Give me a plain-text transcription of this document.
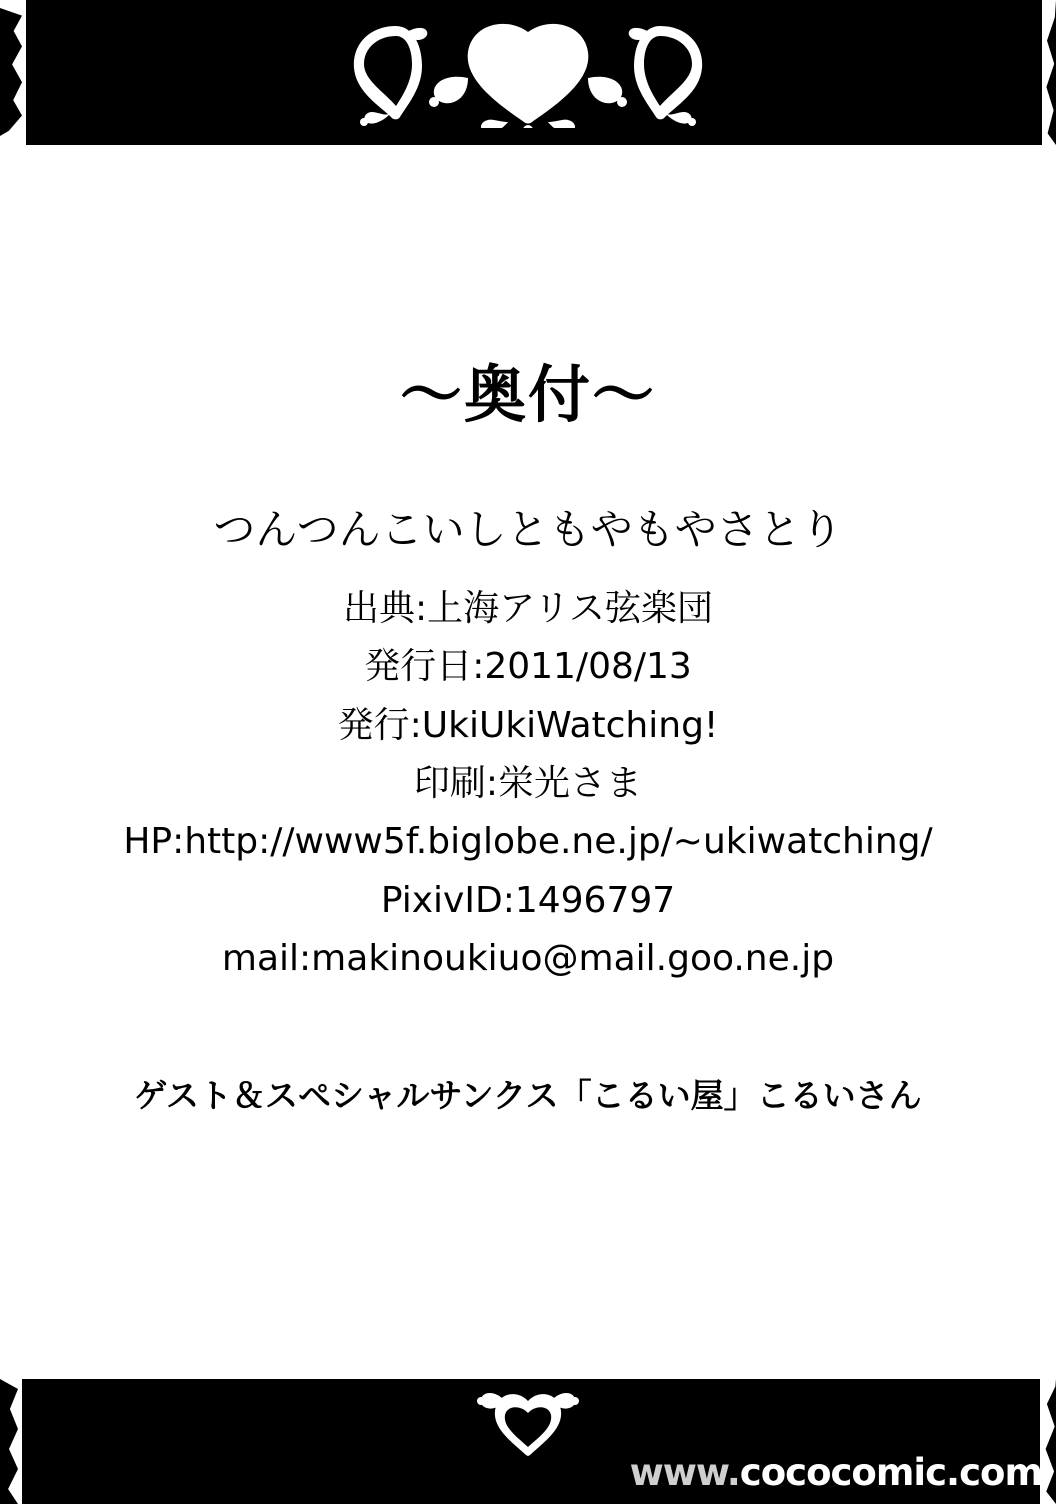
～奥付～
つんつんこいしともやもやさとり
出典:上海アリス弦楽団
発行日:2011/08/13
発行:UkiUkiWatching!
印刷:栄光さま
HP:http://www5f.biglobe.ne.jp/~ukiwatching/
PixivID:1496797
mail:makinoukiuo@mail.goo.ne.jp
ゲスト＆スペシャルサンクス「こるい屋」こるいさん
www.cococomic.com
